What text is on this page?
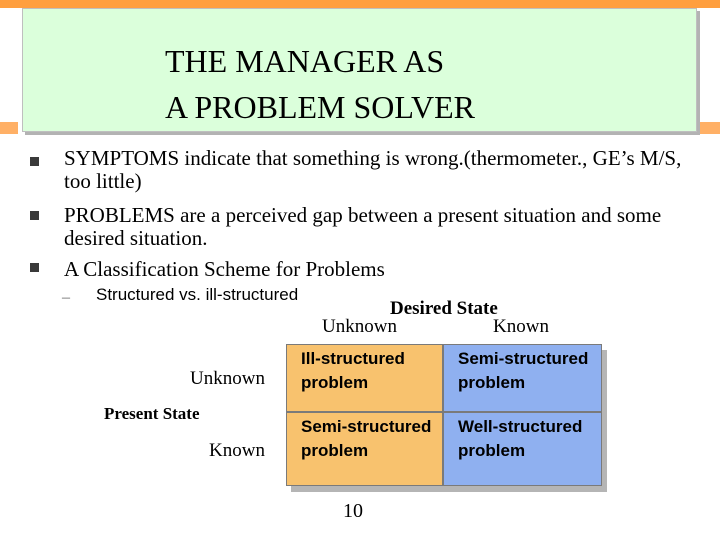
THE MANAGER AS
A PROBLEM SOLVER
SYMPTOMS indicate that something is wrong.(thermometer., GE’s M/S, too little)
PROBLEMS are a perceived gap between a present situation and some desired situation.
A Classification Scheme for Problems
– Structured vs. ill-structured
Desired State
Unknown	Known
Unknown
Present State
Known
Ill-structured problem
Semi-structured problem
Semi-structured problem
Well-structured problem
10
